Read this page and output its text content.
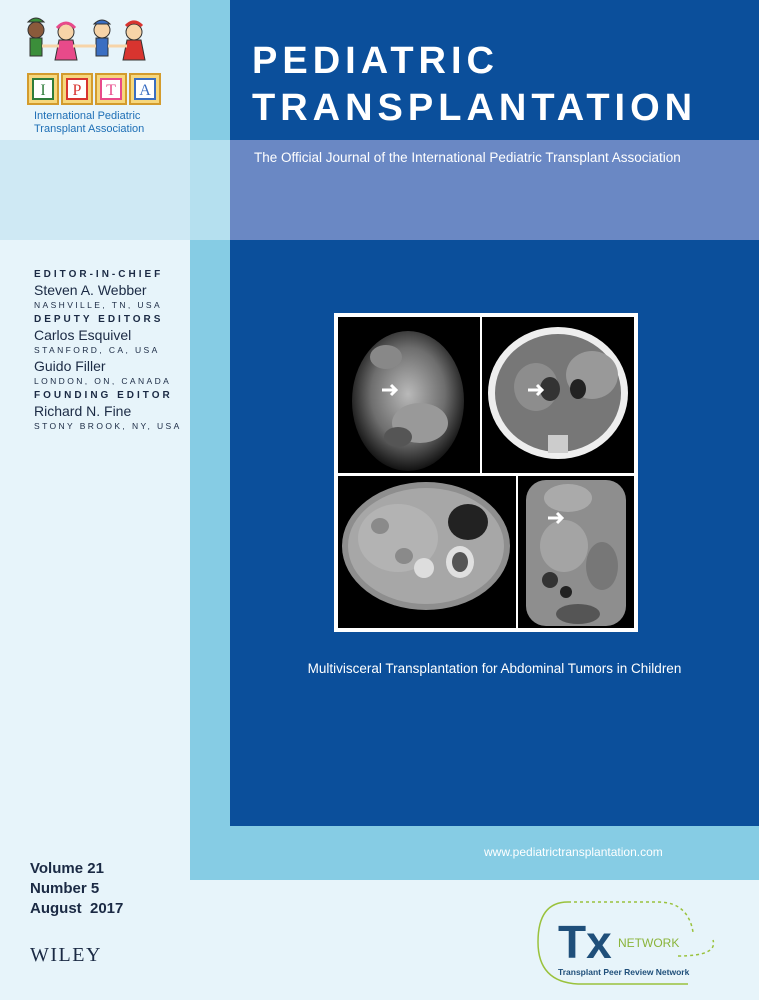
I P T A
International Pediatric
Transplant Association
PEDIATRIC
TRANSPLANTATION
The Official Journal of the International Pediatric Transplant Association
EDITOR-IN-CHIEF
Steven A. Webber
NASHVILLE, TN, USA
DEPUTY EDITORS
Carlos Esquivel
STANFORD, CA, USA
Guido Filler
LONDON, ON, CANADA
FOUNDING EDITOR
Richard N. Fine
STONY BROOK, NY, USA
Multivisceral Transplantation for Abdominal Tumors in Children
www.pediatrictransplantation.com
Volume 21
Number 5
August  2017
WILEY	Tx NETWORK
Transplant Peer Review Network
